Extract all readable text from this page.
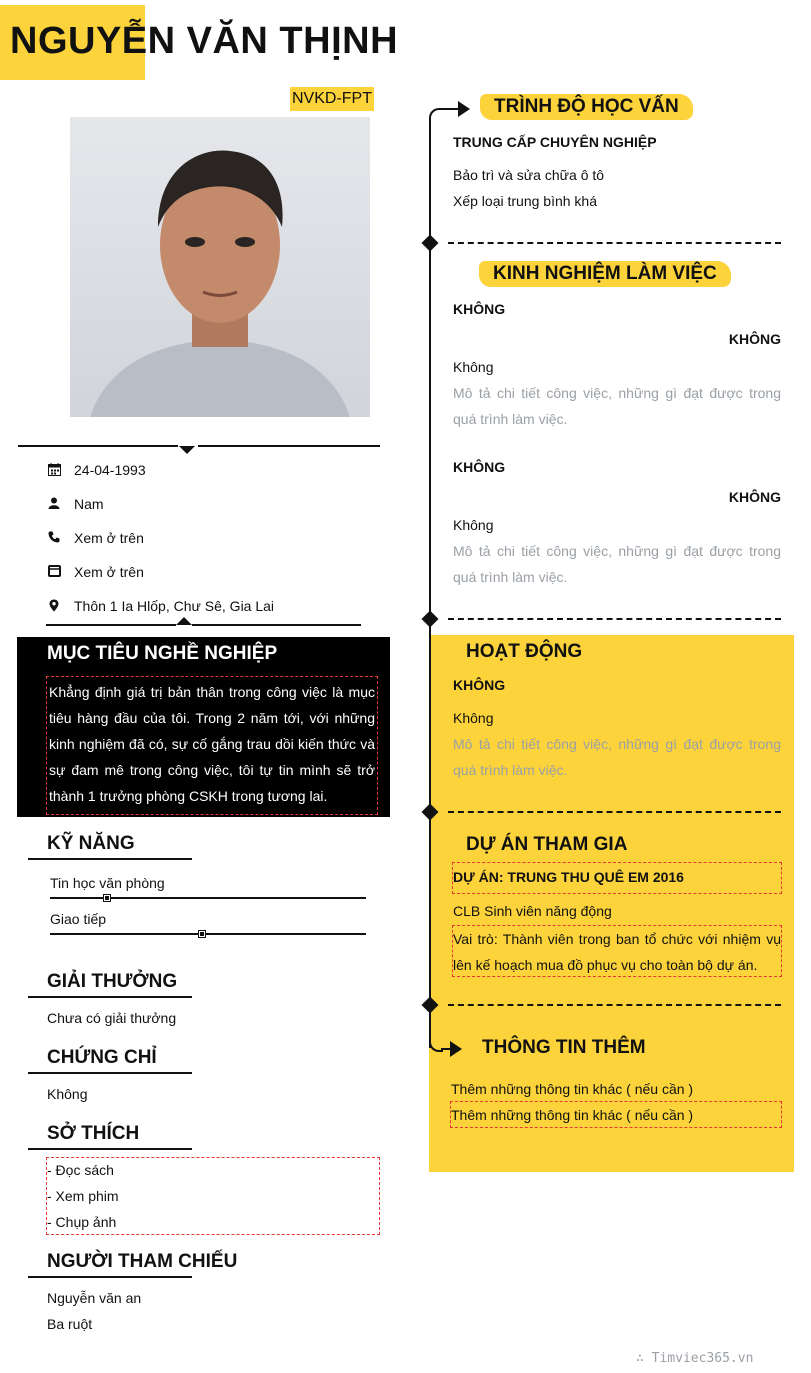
NGUYỄN VĂN THỊNH
NVKD-FPT
24-04-1993
Nam
Xem ở trên
Xem ở trên
Thôn 1 Ia Hlốp, Chư Sê, Gia Lai
MỤC TIÊU NGHỀ NGHIỆP
Khẳng định giá trị bản thân trong công việc là mục tiêu hàng đầu của tôi. Trong 2 năm tới, với những kinh nghiệm đã có, sự cố gắng trau dồi kiến thức và sự đam mê trong công việc, tôi tự tin mình sẽ trở thành 1 trưởng phòng CSKH trong tương lai.
KỸ NĂNG
Tin học văn phòng
Giao tiếp
GIẢI THƯỞNG
Chưa có giải thưởng
CHỨNG CHỈ
Không
SỞ THÍCH
- Đọc sách
- Xem phim
- Chụp ảnh
NGƯỜI THAM CHIẾU
Nguyễn văn an
Ba ruột
TRÌNH ĐỘ HỌC VẤN
TRUNG CẤP CHUYÊN NGHIỆP
Bảo trì và sửa chữa ô tô
Xếp loại trung bình khá
KINH NGHIỆM LÀM VIỆC
KHÔNG
KHÔNG
Không
Mô tả chi tiết công việc, những gì đạt được trong quá trình làm việc.
KHÔNG
KHÔNG
Không
Mô tả chi tiết công việc, những gì đạt được trong quá trình làm việc.
HOẠT ĐỘNG
KHÔNG
Không
Mô tả chi tiết công việc, những gì đạt được trong quá trình làm việc.
DỰ ÁN THAM GIA
DỰ ÁN: TRUNG THU QUÊ EM 2016
CLB Sinh viên năng động
Vai trò: Thành viên trong ban tổ chức với nhiệm vụ lên kế hoạch mua đồ phục vụ cho toàn bộ dự án.
THÔNG TIN THÊM
Thêm những thông tin khác ( nếu cần )
Thêm những thông tin khác ( nếu cần )
∴ Timviec365.vn
